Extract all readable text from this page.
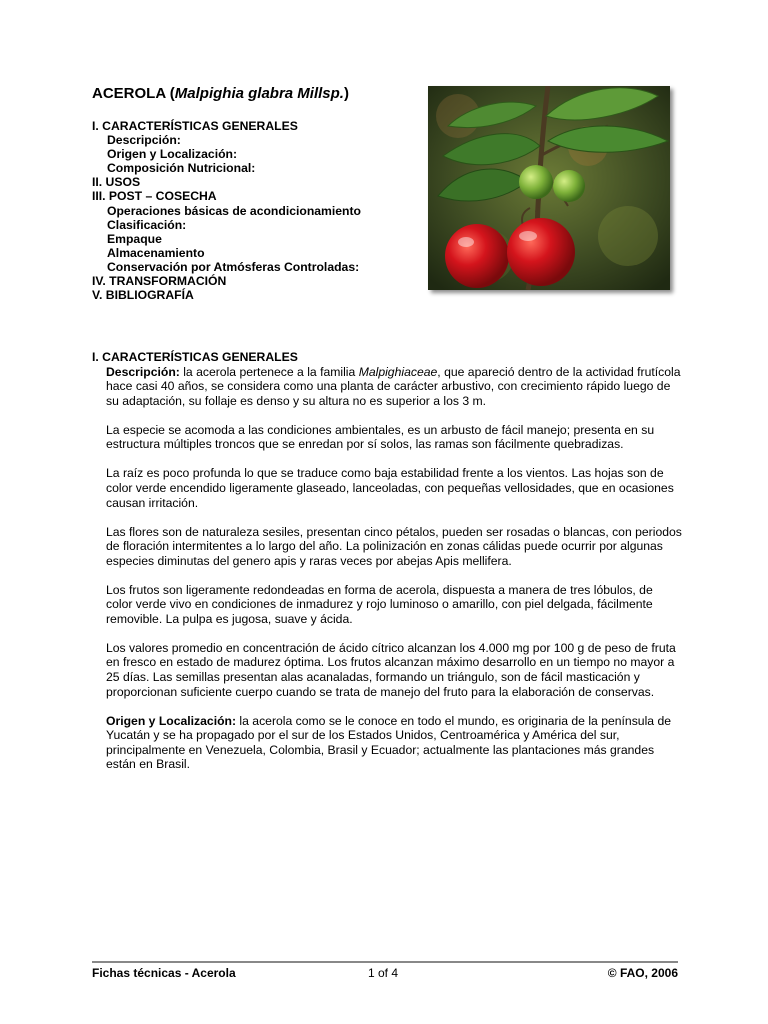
ACEROLA (Malpighia glabra Millsp.)
I. CARACTERÍSTICAS GENERALES
Descripción:
Origen y Localización:
Composición Nutricional:
II. USOS
III. POST – COSECHA
Operaciones básicas de acondicionamiento
Clasificación:
Empaque
Almacenamiento
Conservación por Atmósferas Controladas:
IV. TRANSFORMACIÓN
V. BIBLIOGRAFÍA

I. CARACTERÍSTICAS GENERALES

Descripción: la acerola pertenece a la familia Malpighiaceae, que apareció dentro de la actividad frutícola hace casi 40 años, se considera como una planta de carácter arbustivo, con crecimiento rápido luego de su adaptación, su follaje es denso y su altura no es superior a los 3 m.

La especie se acomoda a las condiciones ambientales, es un arbusto de fácil manejo; presenta en su estructura múltiples troncos que se enredan por sí solos, las ramas son fácilmente quebradizas.

La raíz es poco profunda lo que se traduce como baja estabilidad frente a los vientos. Las hojas son de color verde encendido ligeramente glaseado, lanceoladas, con pequeñas vellosidades, que en ocasiones causan irritación.

Las flores son de naturaleza sesiles, presentan cinco pétalos, pueden ser rosadas o blancas, con periodos de floración intermitentes a lo largo del año. La polinización en zonas cálidas puede ocurrir por algunas especies diminutas del genero apis y raras veces por abejas Apis mellifera.

Los frutos son ligeramente redondeadas en forma de acerola, dispuesta a manera de tres lóbulos, de color verde vivo en condiciones de inmadurez y rojo luminoso o amarillo, con piel delgada, fácilmente removible. La pulpa es jugosa, suave y ácida.

Los valores promedio en concentración de ácido cítrico alcanzan los 4.000 mg por 100 g de peso de fruta en fresco en estado de madurez óptima. Los frutos alcanzan máximo desarrollo en un tiempo no mayor a 25 días. Las semillas presentan alas acanaladas, formando un triángulo, son de fácil masticación y proporcionan suficiente cuerpo cuando se trata de manejo del fruto para la elaboración de conservas.

Origen y Localización: la acerola como se le conoce en todo el mundo, es originaria de la península de Yucatán y se ha propagado por el sur de los Estados Unidos, Centroamérica y América del sur, principalmente en Venezuela, Colombia, Brasil y Ecuador; actualmente las plantaciones más grandes están en Brasil.

Fichas técnicas - Acerola	1 of 4	© FAO, 2006
